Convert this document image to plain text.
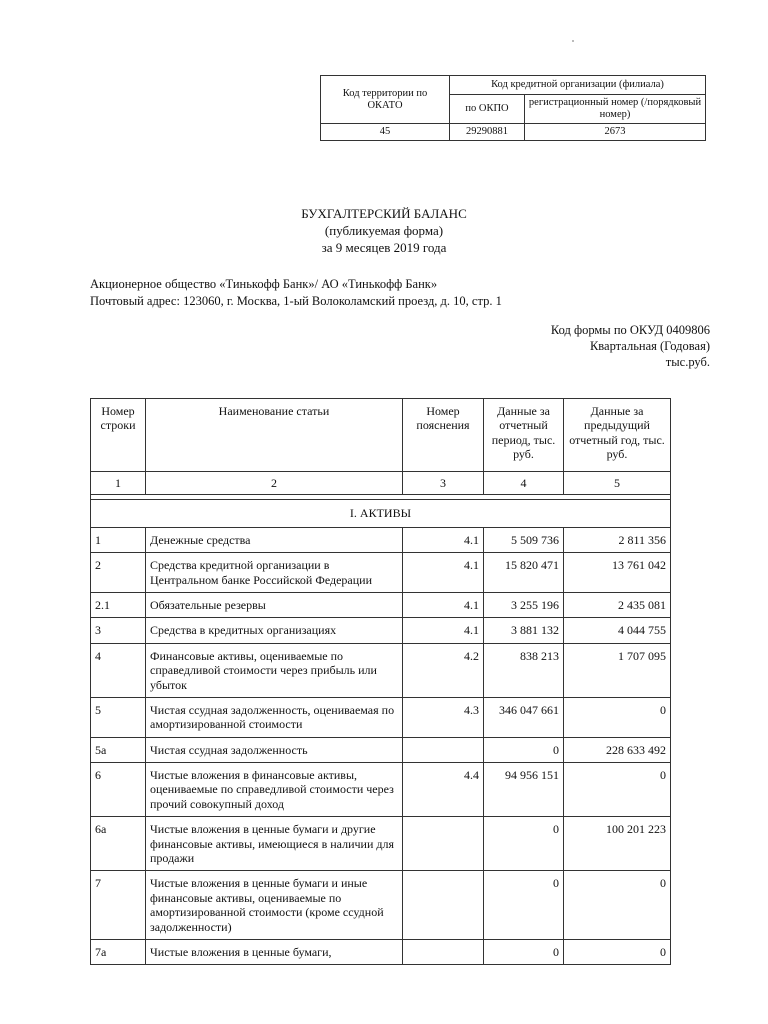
Код территории по ОКАТО	Код кредитной организации (филиала)	
	по ОКПО	регистрационный номер (/порядковый номер)
45	29290881	2673
БУХГАЛТЕРСКИЙ БАЛАНС
(публикуемая форма)
за 9 месяцев 2019 года
Акционерное общество «Тинькофф Банк»/ АО «Тинькофф Банк»
Почтовый адрес: 123060, г. Москва, 1-ый Волоколамский проезд, д. 10, стр. 1
Код формы по ОКУД 0409806
Квартальная (Годовая)
тыс.руб.
Номер строки	Наименование статьи	Номер пояснения	Данные за отчетный период, тыс. руб.	Данные за предыдущий отчетный год, тыс. руб.
1	2	3	4	5

I. АКТИВЫ				
1	Денежные средства	4.1	5 509 736	2 811 356
2	Средства кредитной организации в Центральном банке Российской Федерации	4.1	15 820 471	13 761 042
2.1	Обязательные резервы	4.1	3 255 196	2 435 081
3	Средства в кредитных организациях	4.1	3 881 132	4 044 755
4	Финансовые активы, оцениваемые по справедливой стоимости через прибыль или убыток	4.2	838 213	1 707 095
5	Чистая ссудная задолженность, оцениваемая по амортизированной стоимости	4.3	346 047 661	0
5a	Чистая ссудная задолженность		0	228 633 492
6	Чистые вложения в финансовые активы, оцениваемые по справедливой стоимости через прочий совокупный доход	4.4	94 956 151	0
6a	Чистые вложения в ценные бумаги и другие финансовые активы, имеющиеся в наличии для продажи		0	100 201 223
7	Чистые вложения в ценные бумаги и иные финансовые активы, оцениваемые по амортизированной стоимости (кроме ссудной задолженности)		0	0
7a	Чистые вложения в ценные бумаги,		0	0
